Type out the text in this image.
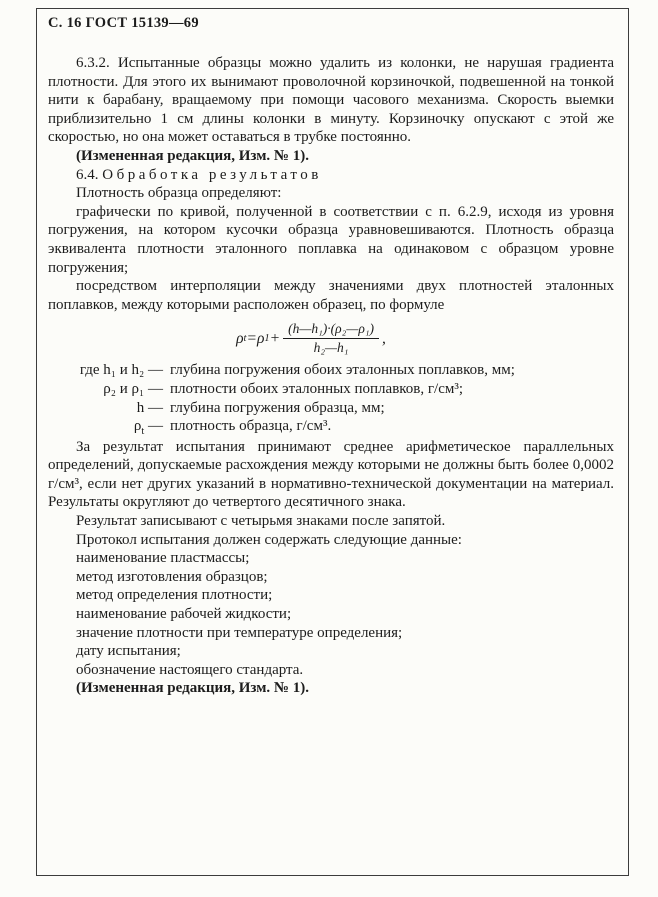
С. 16 ГОСТ 15139—69

6.3.2. Испытанные образцы можно удалить из колонки, не нарушая градиента плотности. Для этого их вынимают проволочной корзиночкой, подвешенной на тонкой нити к барабану, вращаемому при помощи часового механизма. Скорость выемки приблизительно 1 см длины колонки в минуту. Корзиночку опускают с этой же скоростью, но она может оставаться в трубке постоянно.

(Измененная редакция, Изм. № 1).

6.4. Обработка результатов

Плотность образца определяют:

графически по кривой, полученной в соответствии с п. 6.2.9, исходя из уровня погружения, на котором кусочки образца уравновешиваются. Плотность образца эквивалента плотности эталонного поплавка на одинаковом с образцом уровне погружения;

посредством интерполяции между значениями двух плотностей эталонных поплавков, между которыми расположен образец, по формуле

ρ t = ρ $1 + \frac{\text{(h—h₁)·(ρ₂—ρ₁)}}{\text{h₂—h₁}}$ ,
где h₁ и h₂ — глубина погружения обоих эталонных поплавков, мм;
ρ₂ и ρ₁ — плотности обоих эталонных поплавков, г/см³;
h — глубина погружения образца, мм;
$\rho_t$ — плотность образца, г/см³.

За результат испытания принимают среднее арифметическое параллельных определений, допускаемые расхождения между которыми не должны быть более 0,0002 г/см³, если нет других указаний в нормативно-технической документации на материал. Результаты округляют до четвертого десятичного знака.

Результат записывают с четырьмя знаками после запятой.

Протокол испытания должен содержать следующие данные:

наименование пластмассы;

метод изготовления образцов;

метод определения плотности;

наименование рабочей жидкости;

значение плотности при температуре определения;

дату испытания;

обозначение настоящего стандарта.

(Измененная редакция, Изм. № 1).
